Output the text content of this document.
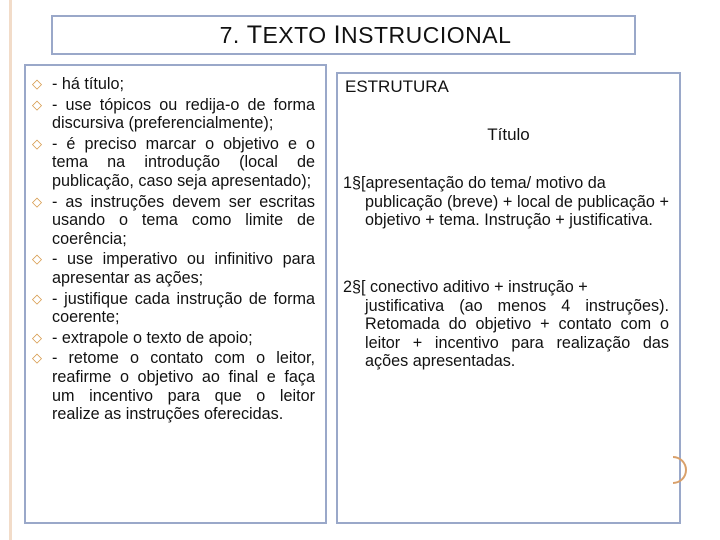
7. TEXTO INSTRUCIONAL
◇ - há título;
◇ - use tópicos ou redija-o de forma discursiva (preferencialmente);
◇ - é preciso marcar o objetivo e o tema na introdução (local de publicação, caso seja apresentado);
◇ - as instruções devem ser escritas usando o tema como limite de coerência;
◇ - use imperativo ou infinitivo para apresentar as ações;
◇ - justifique cada instrução de forma coerente;
◇ - extrapole o texto de apoio;
◇ - retome o contato com o leitor, reafirme o objetivo ao final e faça um incentivo para que o leitor realize as instruções oferecidas.
ESTRUTURA
Título
1§[apresentação do tema/ motivo da
publicação (breve) + local de publicação + objetivo + tema. Instrução + justificativa.
2§[ conectivo aditivo + instrução +
justificativa (ao menos 4 instruções). Retomada do objetivo + contato com o leitor + incentivo para realização das ações apresentadas.
